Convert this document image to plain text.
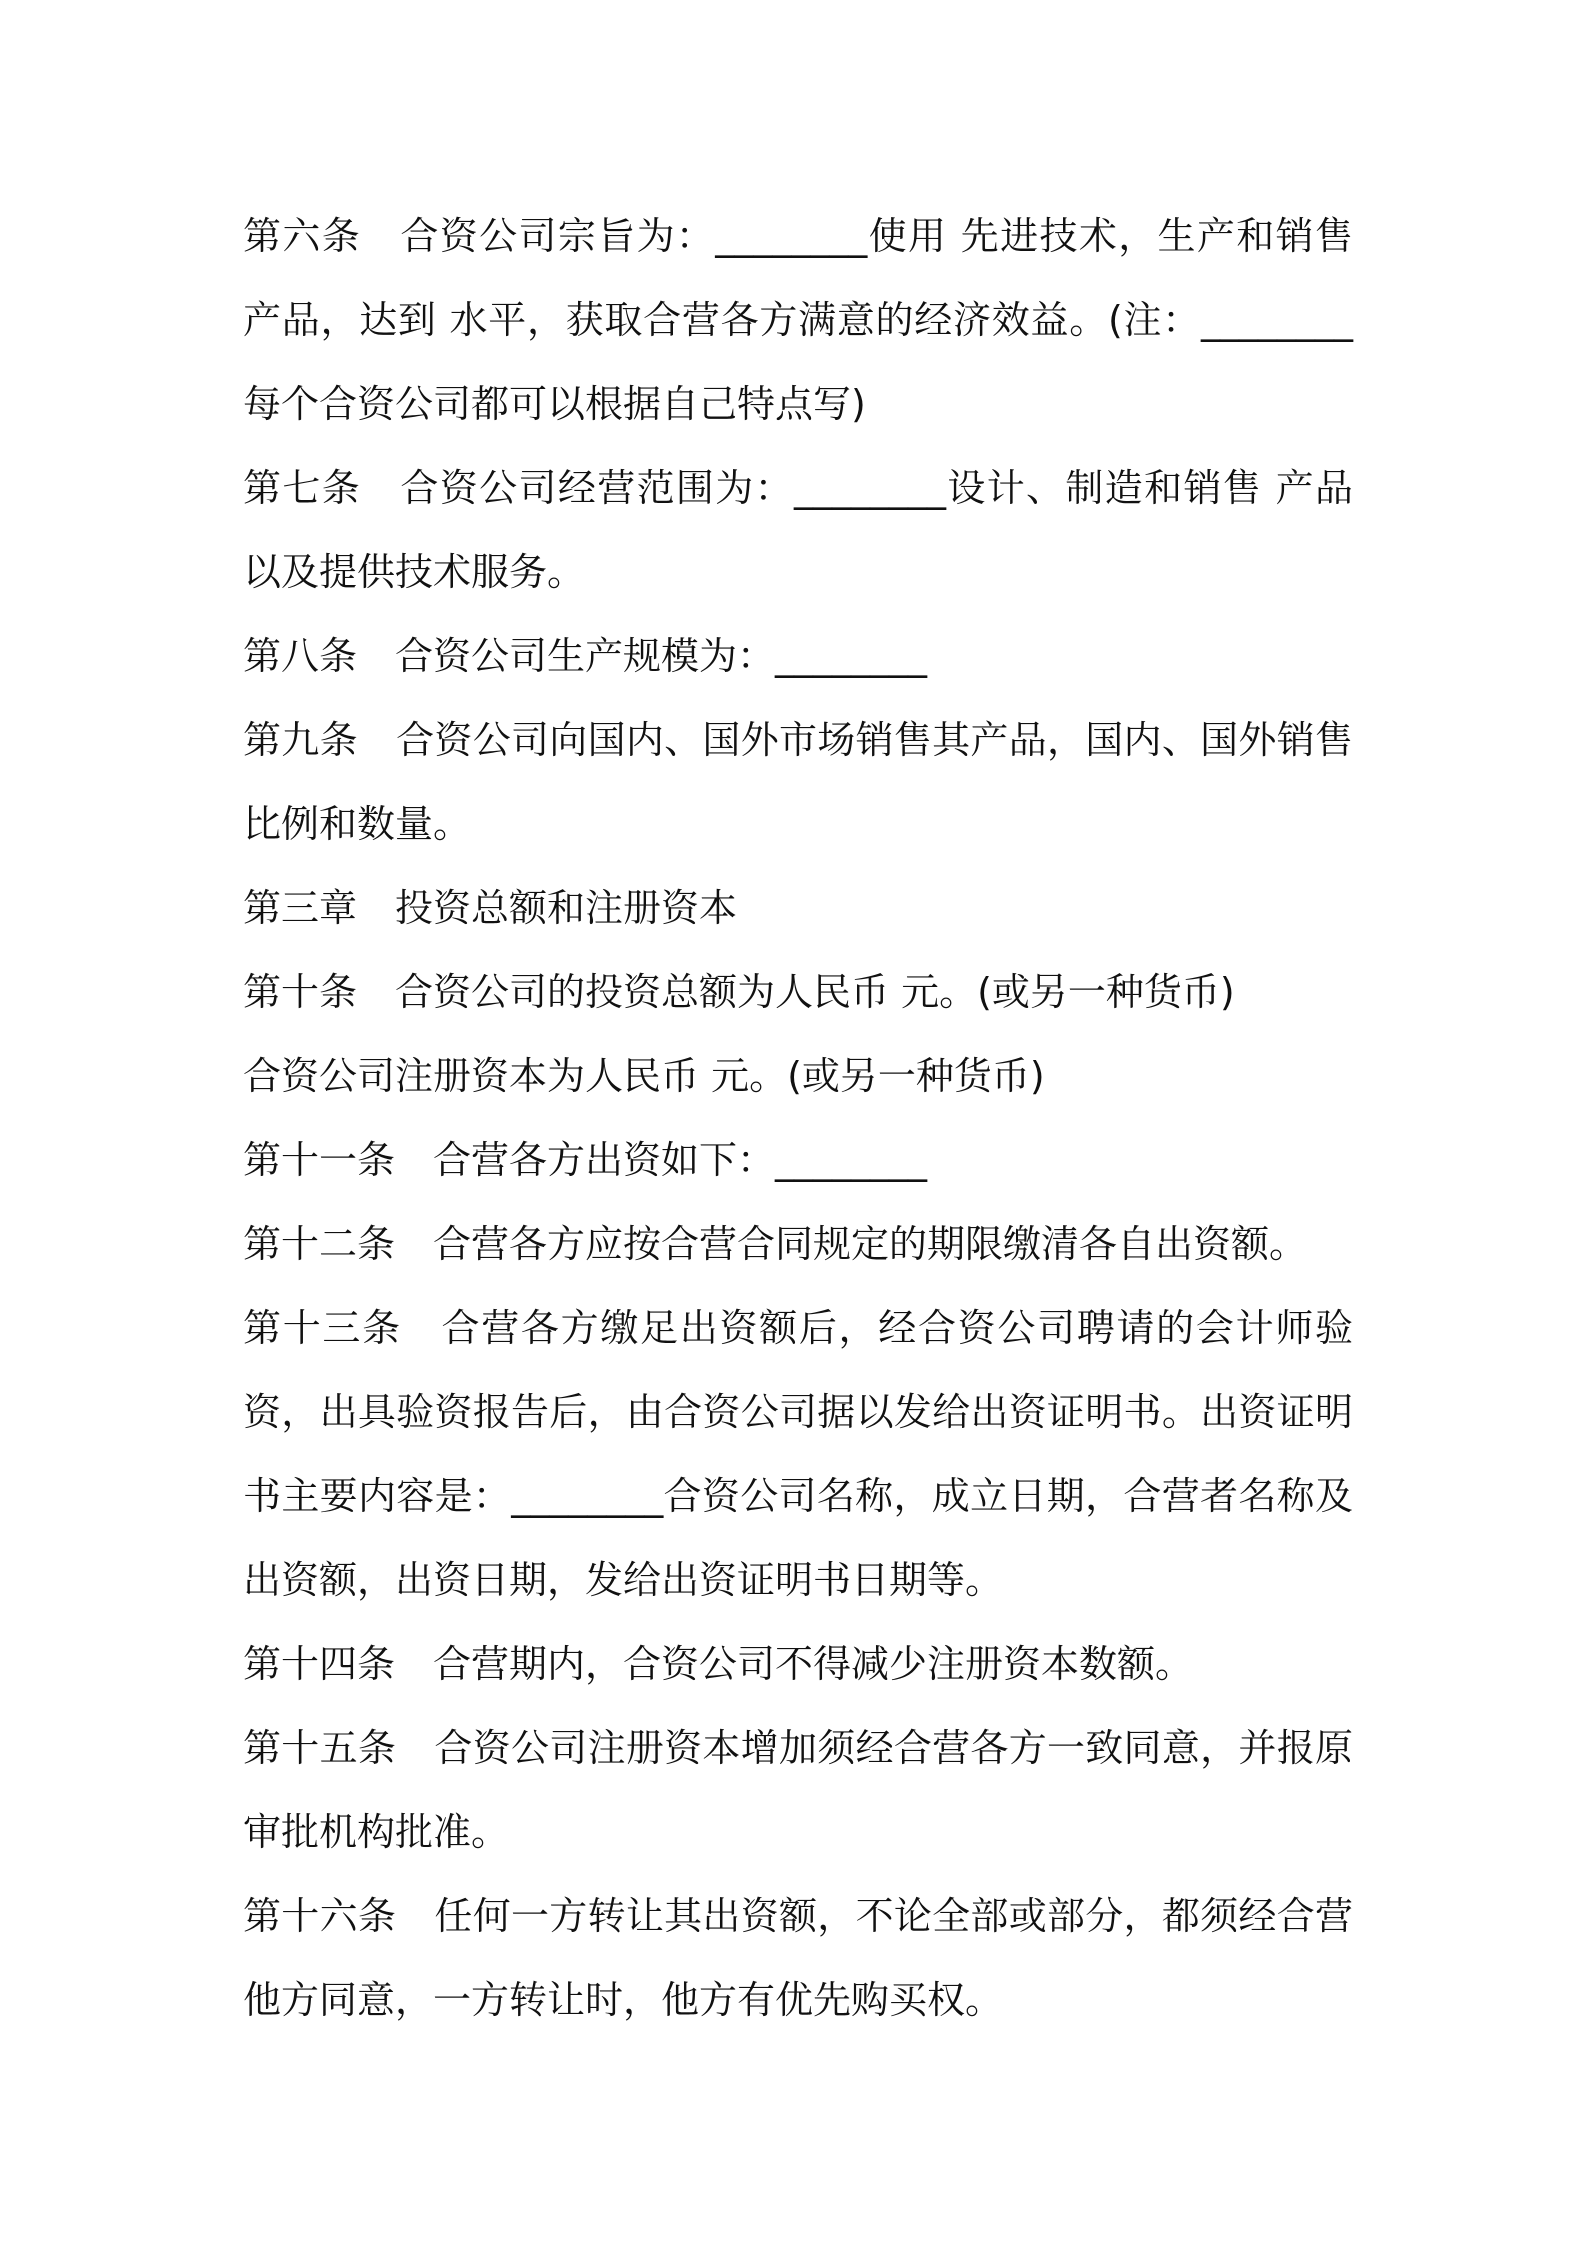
第六条　合资公司宗旨为：________使用 先进技术，生产和销售 产品，达到 水平，获取合营各方满意的经济效益。(注：________每个合资公司都可以根据自己特点写)

第七条　合资公司经营范围为：________设计、制造和销售 产品以及提供技术服务。

第八条　合资公司生产规模为：________

第九条　合资公司向国内、国外市场销售其产品，国内、国外销售比例和数量。

第三章　投资总额和注册资本

第十条　合资公司的投资总额为人民币 元。(或另一种货币)

合资公司注册资本为人民币 元。(或另一种货币)

第十一条　合营各方出资如下：________

第十二条　合营各方应按合营合同规定的期限缴清各自出资额。

第十三条　合营各方缴足出资额后，经合资公司聘请的会计师验资，出具验资报告后，由合资公司据以发给出资证明书。出资证明书主要内容是：________合资公司名称，成立日期，合营者名称及出资额，出资日期，发给出资证明书日期等。

第十四条　合营期内，合资公司不得减少注册资本数额。

第十五条　合资公司注册资本增加须经合营各方一致同意，并报原审批机构批准。

第十六条　任何一方转让其出资额，不论全部或部分，都须经合营他方同意，一方转让时，他方有优先购买权。
